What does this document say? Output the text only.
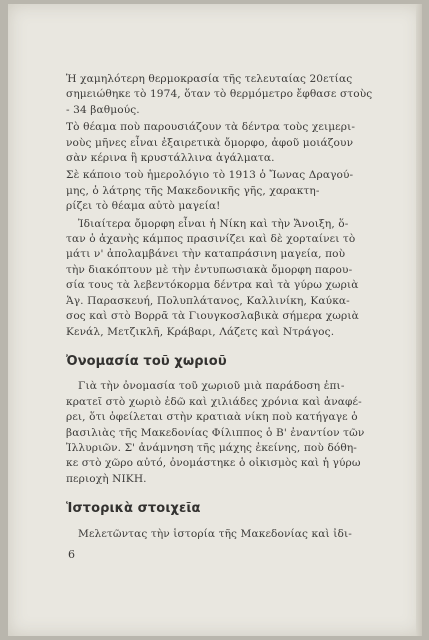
Ἡ χαμηλότερη θερμοκρασία τῆς τελευταίας 20ετίας
σημειώθηκε τὸ 1974, ὅταν τὸ θερμόμετρο ἔφθασε στοὺς
- 34 βαθμούς.
Τὸ θέαμα ποὺ παρουσιάζουν τὰ δέντρα τοὺς χειμερι-
νοὺς μῆνες εἶναι ἐξαιρετικὰ ὄμορφο, ἀφοῦ μοιάζουν
σὰν κέρινα ἢ κρυστάλλινα ἀγάλματα.
Σὲ κάποιο τοὺ ἡμερολόγιο τὸ 1913 ὁ Ἴωνας Δραγού-
μης, ὁ λάτρης τῆς Μακεδονικῆς γῆς, χαρακτη-
ρίζει τὸ θέαμα αὐτὸ μαγεία!
Ἰδιαίτερα ὄμορφη εἶναι ἡ Νίκη καὶ τὴν Ἄνοιξη, ὅ-
ταν ὁ ἀχανὴς κάμπος πρασινίζει καὶ δὲ χορταίνει τὸ
μάτι ν' ἀπολαμβάνει τὴν καταπράσινη μαγεία, ποὺ
τὴν διακόπτουν μὲ τὴν ἐντυπωσιακὰ ὄμορφη παρου-
σία τους τὰ λεβεντόκορμα δέντρα καὶ τὰ γύρω χωριὰ
Ἁγ. Παρασκευή, Πολυπλάτανος, Καλλινίκη, Καύκα-
σος καὶ στὸ Βορρᾶ τὰ Γιουγκοσλαβικὰ σήμερα χωριὰ
Κενάλ, Μετζικλῆ, Κράβαρι, Λάζετς καὶ Ντράγος.
Ὀνομασία τοῦ χωριοῦ
Γιὰ τὴν ὀνομασία τοῦ χωριοῦ μιὰ παράδοση ἐπι-
κρατεῖ στὸ χωριὸ ἐδῶ καὶ χιλιάδες χρόνια καὶ ἀναφέ-
ρει, ὅτι ὀφείλεται στὴν κρατιαὰ νίκη ποὺ κατήγαγε ὁ
βασιλιὰς τῆς Μακεδονίας Φίλιππος ὁ Β' ἐναντίον τῶν
Ἰλλυριῶν. Σ' ἀνάμνηση τῆς μάχης ἐκείνης, ποὺ δόθη-
κε στὸ χῶρο αὐτό, ὀνομάστηκε ὁ οἰκισμὸς καὶ ἡ γύρω
περιοχὴ ΝΙΚΗ.
Ἱστορικὰ στοιχεῖα
Μελετῶντας τὴν ἱστορία τῆς Μακεδονίας καὶ ἰδι-
6
